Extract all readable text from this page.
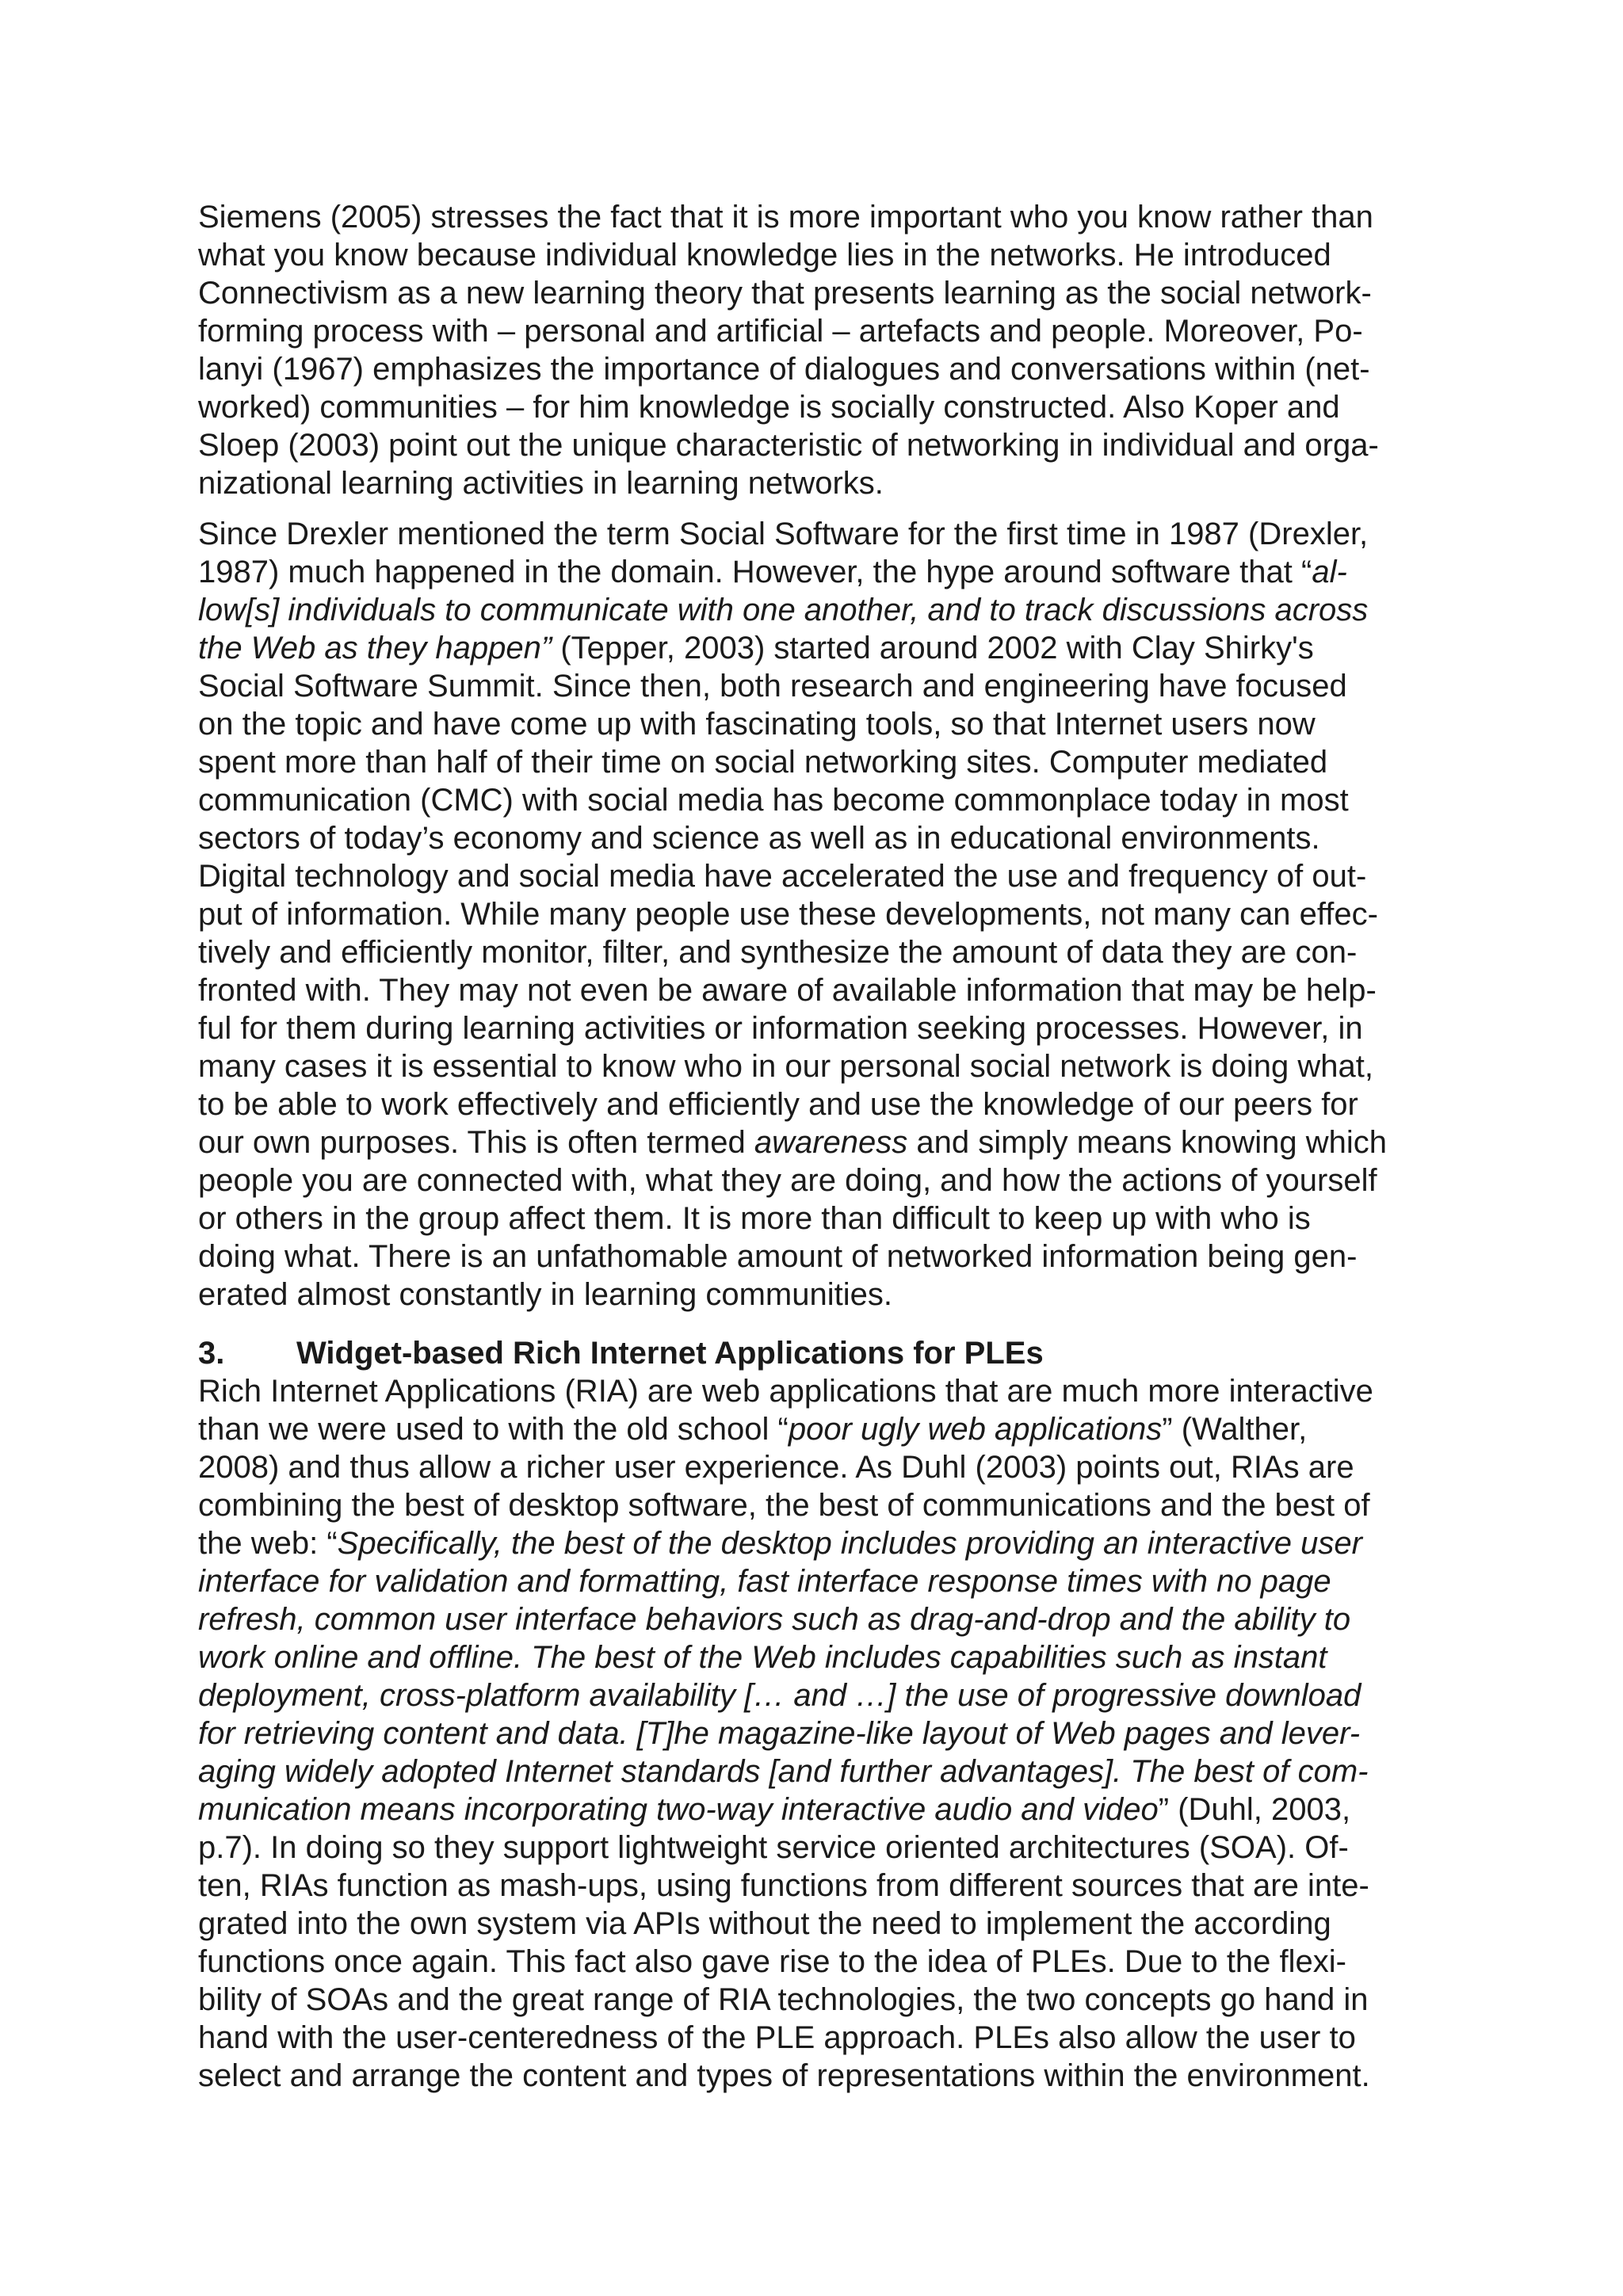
Siemens (2005) stresses the fact that it is more important who you know rather than
what you know because individual knowledge lies in the networks. He introduced
Connectivism as a new learning theory that presents learning as the social network-
forming process with – personal and artificial – artefacts and people. Moreover, Po-
lanyi (1967) emphasizes the importance of dialogues and conversations within (net-
worked) communities – for him knowledge is socially constructed. Also Koper and
Sloep (2003) point out the unique characteristic of networking in individual and orga-
nizational learning activities in learning networks.
Since Drexler mentioned the term Social Software for the first time in 1987 (Drexler,
1987) much happened in the domain. However, the hype around software that “al-
low[s] individuals to communicate with one another, and to track discussions across
the Web as they happen” (Tepper, 2003) started around 2002 with Clay Shirky's
Social Software Summit. Since then, both research and engineering have focused
on the topic and have come up with fascinating tools, so that Internet users now
spent more than half of their time on social networking sites. Computer mediated
communication (CMC) with social media has become commonplace today in most
sectors of today’s economy and science as well as in educational environments.
Digital technology and social media have accelerated the use and frequency of out-
put of information. While many people use these developments, not many can effec-
tively and efficiently monitor, filter, and synthesize the amount of data they are con-
fronted with. They may not even be aware of available information that may be help-
ful for them during learning activities or information seeking processes. However, in
many cases it is essential to know who in our personal social network is doing what,
to be able to work effectively and efficiently and use the knowledge of our peers for
our own purposes. This is often termed awareness and simply means knowing which
people you are connected with, what they are doing, and how the actions of yourself
or others in the group affect them. It is more than difficult to keep up with who is
doing what. There is an unfathomable amount of networked information being gen-
erated almost constantly in learning communities.
3. Widget-based Rich Internet Applications for PLEs
Rich Internet Applications (RIA) are web applications that are much more interactive
than we were used to with the old school “poor ugly web applications” (Walther,
2008) and thus allow a richer user experience. As Duhl (2003) points out, RIAs are
combining the best of desktop software, the best of communications and the best of
the web: “Specifically, the best of the desktop includes providing an interactive user
interface for validation and formatting, fast interface response times with no page
refresh, common user interface behaviors such as drag-and-drop and the ability to
work online and offline. The best of the Web includes capabilities such as instant
deployment, cross-platform availability [… and …] the use of progressive download
for retrieving content and data. [T]he magazine-like layout of Web pages and lever-
aging widely adopted Internet standards [and further advantages]. The best of com-
munication means incorporating two-way interactive audio and video” (Duhl, 2003,
p.7). In doing so they support lightweight service oriented architectures (SOA). Of-
ten, RIAs function as mash-ups, using functions from different sources that are inte-
grated into the own system via APIs without the need to implement the according
functions once again. This fact also gave rise to the idea of PLEs. Due to the flexi-
bility of SOAs and the great range of RIA technologies, the two concepts go hand in
hand with the user-centeredness of the PLE approach. PLEs also allow the user to
select and arrange the content and types of representations within the environment.
